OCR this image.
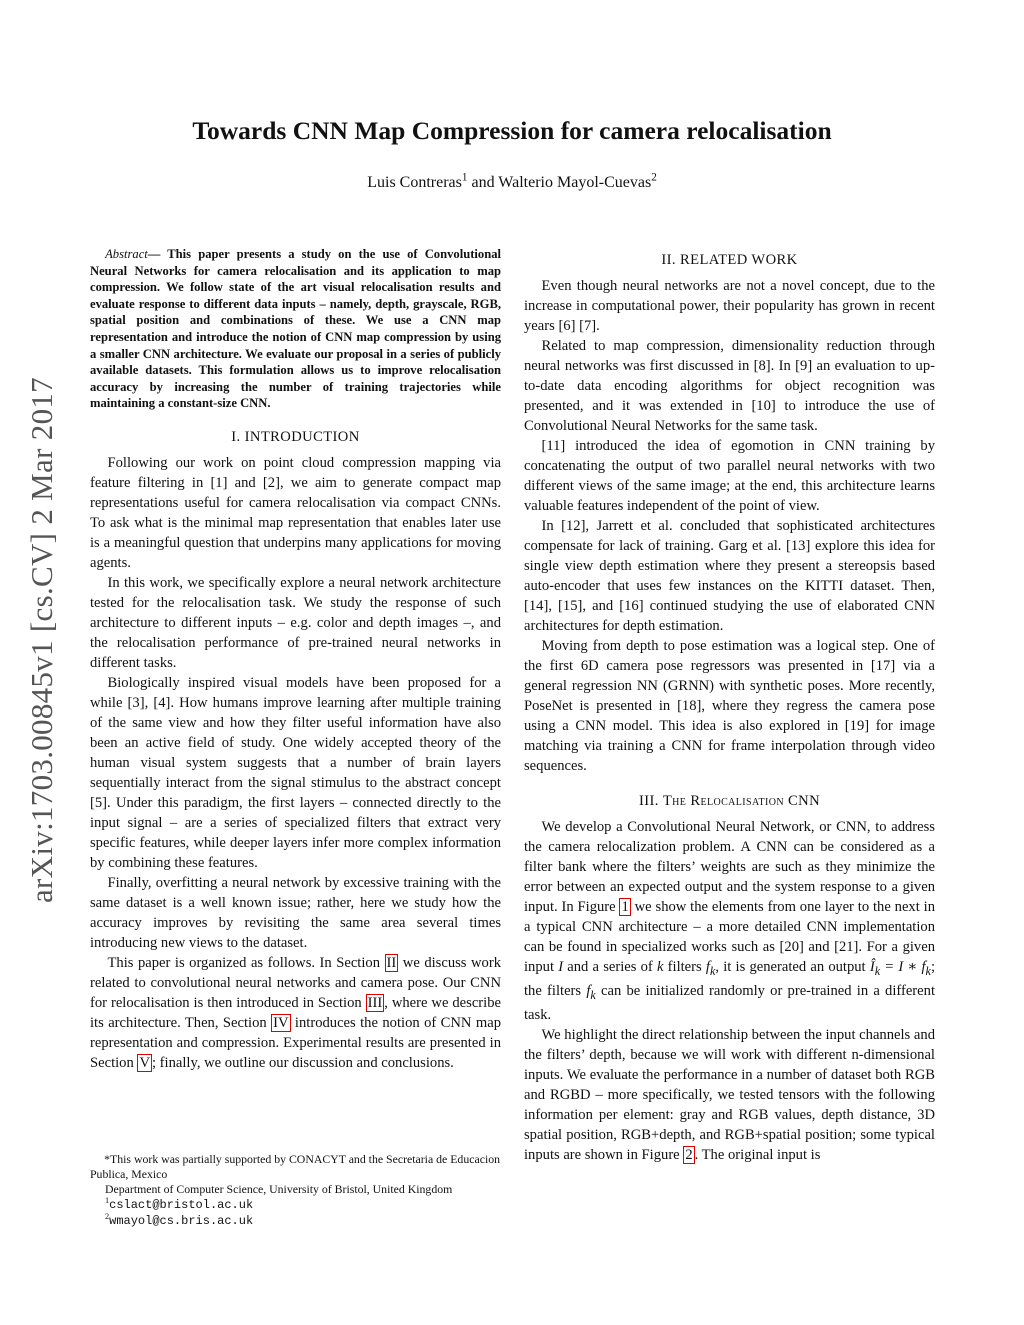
arXiv:1703.00845v1 [cs.CV] 2 Mar 2017
Towards CNN Map Compression for camera relocalisation
Luis Contreras$^1$ and Walterio Mayol-Cuevas$^2$

Abstract— This paper presents a study on the use of Convolutional Neural Networks for camera relocalisation and its application to map compression. We follow state of the art visual relocalisation results and evaluate response to different data inputs – namely, depth, grayscale, RGB, spatial position and combinations of these. We use a CNN map representation and introduce the notion of CNN map compression by using a smaller CNN architecture. We evaluate our proposal in a series of publicly available datasets. This formulation allows us to improve relocalisation accuracy by increasing the number of training trajectories while maintaining a constant-size CNN.

I. INTRODUCTION

Following our work on point cloud compression mapping via feature filtering in [1] and [2], we aim to generate compact map representations useful for camera relocalisation via compact CNNs. To ask what is the minimal map representation that enables later use is a meaningful question that underpins many applications for moving agents.

In this work, we specifically explore a neural network architecture tested for the relocalisation task. We study the response of such architecture to different inputs – e.g. color and depth images –, and the relocalisation performance of pre-trained neural networks in different tasks.

Biologically inspired visual models have been proposed for a while [3], [4]. How humans improve learning after multiple training of the same view and how they filter useful information have also been an active field of study. One widely accepted theory of the human visual system suggests that a number of brain layers sequentially interact from the signal stimulus to the abstract concept [5]. Under this paradigm, the first layers – connected directly to the input signal – are a series of specialized filters that extract very specific features, while deeper layers infer more complex information by combining these features.

Finally, overfitting a neural network by excessive training with the same dataset is a well known issue; rather, here we study how the accuracy improves by revisiting the same area several times introducing new views to the dataset.

This paper is organized as follows. In Section II we discuss work related to convolutional neural networks and camera pose. Our CNN for relocalisation is then introduced in Section III , where we describe its architecture. Then, Section IV introduces the notion of CNN map representation and compression. Experimental results are presented in Section V ; finally, we outline our discussion and conclusions.

*This work was partially supported by CONACYT and the Secretaria de Educacion Publica, Mexico

Department of Computer Science, University of Bristol, United Kingdom

$^1$cslact@bristol.ac.uk

$^2$wmayol@cs.bris.ac.uk

II. RELATED WORK

Even though neural networks are not a novel concept, due to the increase in computational power, their popularity has grown in recent years [6] [7].

Related to map compression, dimensionality reduction through neural networks was first discussed in [8]. In [9] an evaluation to up-to-date data encoding algorithms for object recognition was presented, and it was extended in [10] to introduce the use of Convolutional Neural Networks for the same task.

[11] introduced the idea of egomotion in CNN training by concatenating the output of two parallel neural networks with two different views of the same image; at the end, this architecture learns valuable features independent of the point of view.

In [12], Jarrett et al. concluded that sophisticated architectures compensate for lack of training. Garg et al. [13] explore this idea for single view depth estimation where they present a stereopsis based auto-encoder that uses few instances on the KITTI dataset. Then, [14], [15], and [16] continued studying the use of elaborated CNN architectures for depth estimation.

Moving from depth to pose estimation was a logical step. One of the first 6D camera pose regressors was presented in [17] via a general regression NN (GRNN) with synthetic poses. More recently, PoseNet is presented in [18], where they regress the camera pose using a CNN model. This idea is also explored in [19] for image matching via training a CNN for frame interpolation through video sequences.

III. The Relocalisation CNN

We develop a Convolutional Neural Network, or CNN, to address the camera relocalization problem. A CNN can be considered as a filter bank where the filters’ weights are such as they minimize the error between an expected output and the system response to a given input. In Figure 1 we show the elements from one layer to the next in a typical CNN architecture – a more detailed CNN implementation can be found in specialized works such as [20] and [21]. For a given input I and a series of k filters $f_k$, it is generated an output $Î_k = I$ ∗ $f_k$; the filters $f_k$ can be initialized randomly or pre-trained in a different task.

We highlight the direct relationship between the input channels and the filters’ depth, because we will work with different n-dimensional inputs. We evaluate the performance in a number of dataset both RGB and RGBD – more specifically, we tested tensors with the following information per element: gray and RGB values, depth distance, 3D spatial position, RGB+depth, and RGB+spatial position; some typical inputs are shown in Figure 2 . The original input is
